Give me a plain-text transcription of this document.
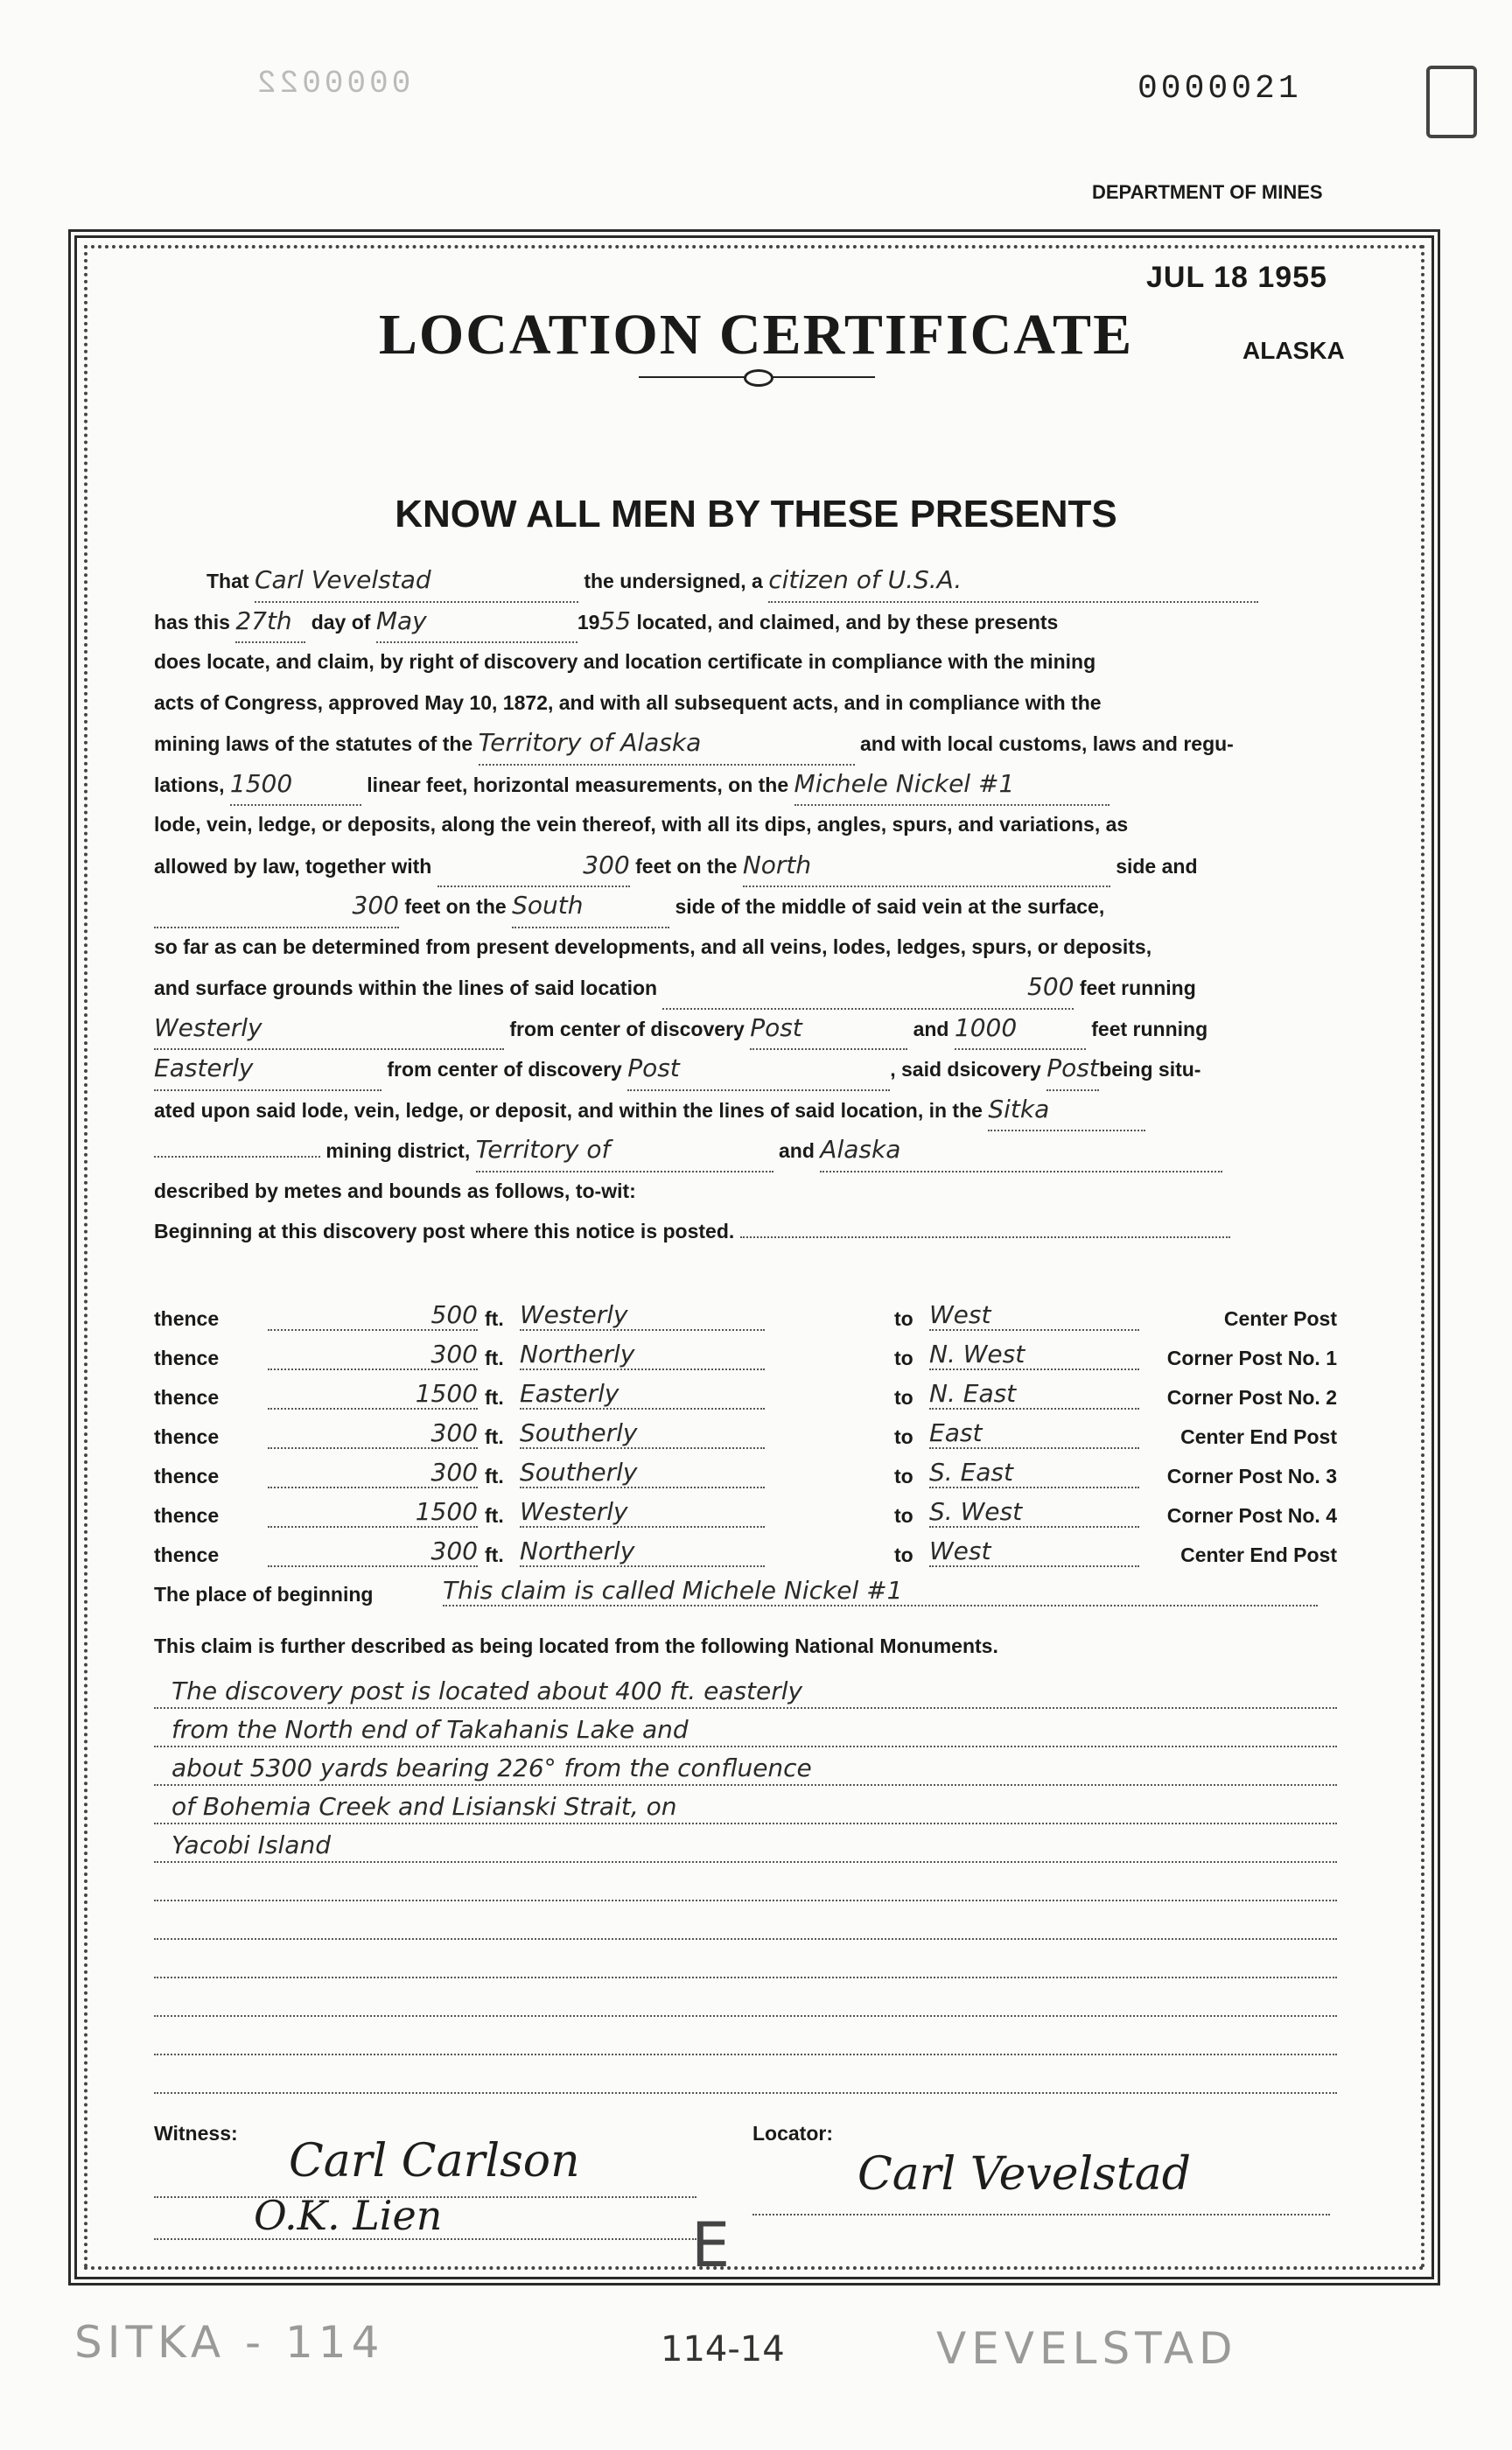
0000022	0000021
DEPARTMENT OF MINES
JUL 18 1955
LOCATION CERTIFICATE	ALASKA
KNOW ALL MEN BY THESE PRESENTS
That Carl Vevelstad	the undersigned, a citizen of U.S.A.
has this 27th day of May	1955 located, and claimed, and by these presents
does locate, and claim, by right of discovery and location certificate in compliance with the mining
acts of Congress, approved May 10, 1872, and with all subsequent acts, and in compliance with the
mining laws of the statutes of the Territory of Alaska	and with local customs, laws and regu-
lations, 1500	linear feet, horizontal measurements, on the Michele Nickel #1
lode, vein, ledge, or deposits, along the vein thereof, with all its dips, angles, spurs, and variations, as
allowed by law, together with	300 feet on the North	side and
300 feet on the South	side of the middle of said vein at the surface,
so far as can be determined from present developments, and all veins, lodes, ledges, spurs, or deposits,
and surface grounds within the lines of said location	500 feet running
Westerly	from center of discovery Post	and 1000	feet running
Easterly	from center of discovery Post	, said dsicovery Postbeing situ-
ated upon said lode, vein, ledge, or deposit, and within the lines of said location, in the Sitka
mining district, Territory of	and Alaska
described by metes and bounds as follows, to-wit:
Beginning at this discovery post where this notice is posted.
thence	500 ft. Westerly	to West	Center Post
thence	300 ft. Northerly	to N. West	Corner Post No. 1
thence	1500 ft. Easterly	to N. East	Corner Post No. 2
thence	300 ft. Southerly	to East	Center End Post
thence	300 ft. Southerly	to S. East	Corner Post No. 3
thence	1500 ft. Westerly	to S. West	Corner Post No. 4
thence	300 ft. Northerly	to West	Center End Post
The place of beginning	This claim is called Michele Nickel #1
This claim is further described as being located from the following National Monuments.
The discovery post is located about 400 ft. easterly
from the North end of Takahanis Lake and
about 5300 yards bearing 226° from the confluence
of Bohemia Creek and Lisianski Strait, on
Yacobi Island
Witness:
Carl Carlson
O.K. Lien
Locator:
Carl Vevelstad
E
SITKA - 114	114-14	VEVELSTAD
